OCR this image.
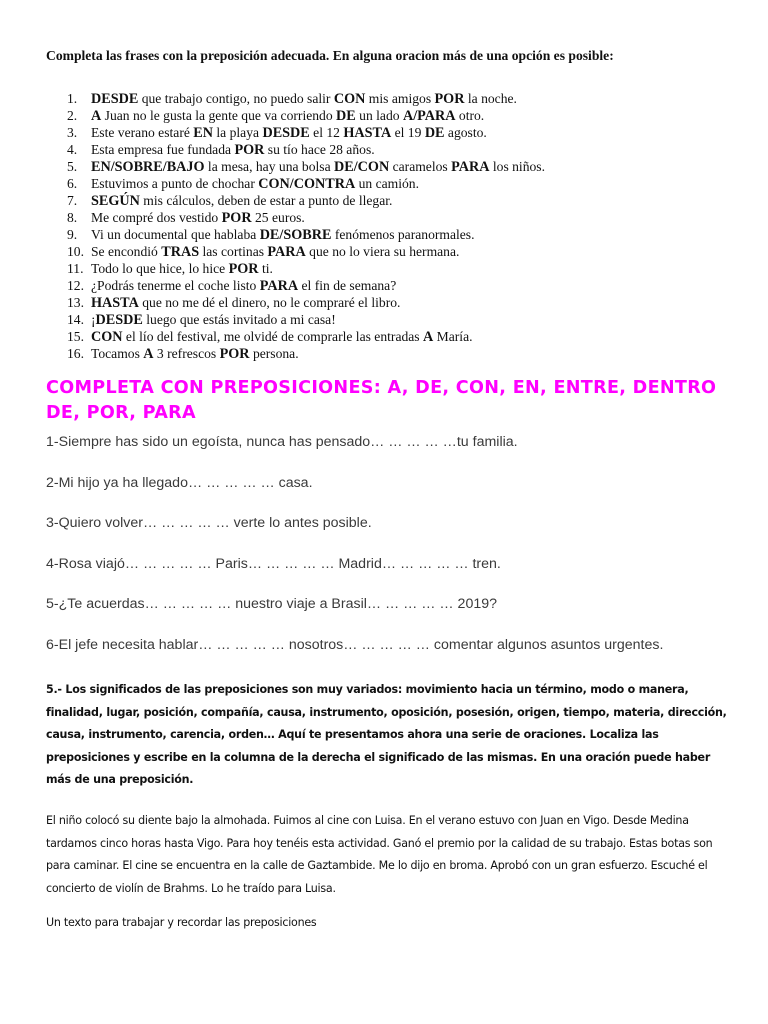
Completa las frases con la preposición adecuada. En alguna oracion más de una opción es posible:
1. DESDE que trabajo contigo, no puedo salir CON mis amigos POR la noche.
2. A Juan no le gusta la gente que va corriendo DE un lado A/PARA otro.
3. Este verano estaré EN la playa DESDE el 12 HASTA el 19 DE agosto.
4. Esta empresa fue fundada POR su tío hace 28 años.
5. EN/SOBRE/BAJO la mesa, hay una bolsa DE/CON caramelos PARA los niños.
6. Estuvimos a punto de chochar CON/CONTRA un camión.
7. SEGÚN mis cálculos, deben de estar a punto de llegar.
8. Me compré dos vestido POR 25 euros.
9. Vi un documental que hablaba DE/SOBRE fenómenos paranormales.
10. Se encondió TRAS las cortinas PARA que no lo viera su hermana.
11. Todo lo que hice, lo hice POR ti.
12. ¿Podrás tenerme el coche listo PARA el fin de semana?
13. HASTA que no me dé el dinero, no le compraré el libro.
14. ¡DESDE luego que estás invitado a mi casa!
15. CON el lío del festival, me olvidé de comprarle las entradas A María.
16. Tocamos A 3 refrescos POR persona.
COMPLETA CON PREPOSICIONES: A, DE, CON, EN, ENTRE, DENTRO DE, POR, PARA
1-Siempre has sido un egoísta, nunca has pensado… … … … …tu familia.
2-Mi hijo ya ha llegado… … … … … casa.
3-Quiero volver… … … … … verte lo antes posible.
4-Rosa viajó… … … … … Paris… … … … … Madrid… … … … … tren.
5-¿Te acuerdas… … … … … nuestro viaje a Brasil… … … … … 2019?
6-El jefe necesita hablar… … … … … nosotros… … … … … comentar algunos asuntos urgentes.

5.- Los significados de las preposiciones son muy variados: movimiento hacia un término, modo o manera, finalidad, lugar, posición, compañía, causa, instrumento, oposición, posesión, origen, tiempo, materia, dirección, causa, instrumento, carencia, orden… Aquí te presentamos ahora una serie de oraciones. Localiza las preposiciones y escribe en la columna de la derecha el significado de las mismas. En una oración puede haber más de una preposición.

El niño colocó su diente bajo la almohada. Fuimos al cine con Luisa. En el verano estuvo con Juan en Vigo. Desde Medina tardamos cinco horas hasta Vigo. Para hoy tenéis esta actividad. Ganó el premio por la calidad de su trabajo. Estas botas son para caminar. El cine se encuentra en la calle de Gaztambide. Me lo dijo en broma. Aprobó con un gran esfuerzo. Escuché el concierto de violín de Brahms. Lo he traído para Luisa.

Un texto para trabajar y recordar las preposiciones
